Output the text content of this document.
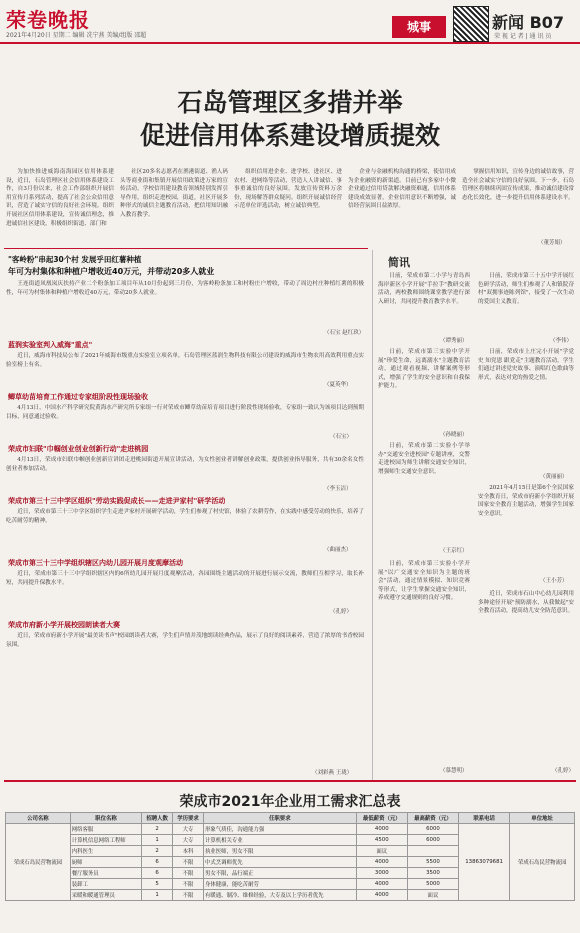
荣卷晚报
2021年4月20日 星期二 编辑 冼宁燕 美编/组版 邵超
城事	新闻 B07
荣 视 记 者 | 通 讯 员
石岛管理区多措并举
促进信用体系建设增质提效

为加快推进威海南海园区信用体系建设，近日，石岛管理区社会信用体系建设工作，自3月份以来，社会工作部组织开展信用宣传月系列活动，提高了社会公众信用意识，营造了诚实守信的良好社会环境。组织开展社区信用体系建设，宣传诚信理念，推进诚信社区建设，积极组织街道、部门和

社区20多名志愿者在渔港街道、渔人码头等商业街和集镇开展信用政策进万家的宣传活动。学校信用建设教育领域特别发挥引导作用，组织走进校园，街道，社区开展多种形式的诚信主题教育活动，把信用知识融入教育教学。

组织信用进企业、进学校、进社区、进农村、进网络等活动，营造人人讲诚信、事事重诚信的良好氛围。发放宣传资料万余份，现场解答群众疑问。组织开展诚信经营示范单位评选活动，树立诚信典型。

企业与金融机构沟通的桥梁，使信用成为企业融资的新渠道。目前已有多家中小微企业通过信用贷款解决融资难题，信用体系建设成效显著，企业信用意识不断增强，诚信经营氛围日益浓厚。

掌握信用知识，宣传身边的诚信故事，营造全社会诚实守信的良好氛围。下一步，石岛管理区将继续巩固宣传成果，推动诚信建设常态化长效化，进一步提升信用体系建设水平。

（董芳娟）
"客岭粉"串起30个村 发展乎田红薯种植
年可为村集体和种植户增收近40万元，并带动20多人就业

王连街道凤凰岚庆扶持产业二个粉条加工项目年从10月份起到三月份，为客岭粉条加工和村粉庄户增收，带动了周边村庄种植红薯的积极性，年可为村集体和种植户增收近40万元，带动20多人就业。

（石宝 赵红玖）
蓝润实验室判入威海"重点"

近日，威海市科技局公布了2021年威海市级重点实验室立项名单，石岛管理区蓝润生物科技有限公司建设的威海市生物农用高效利用重点实验室榜上有名。

（夏英华）
鲫草幼苗培育工作通过专家组阶段性现场验收

4月13日，中国水产科学研究院黄海水产研究所专家组一行对荣成市鲫草幼苗培育项目进行阶段性现场验收，专家组一致认为该项目达到预期目标，同意通过验收。

（石宝）
荣成市妇联"巾帼创业创业创新行动"走进桃园

4月13日，荣成市妇联巾帼创业创新宣讲团走进桃园街道开展宣讲活动，为女性创业者讲解创业政策，提供创业指导服务，共有30余名女性创业者参加活动。

（李玉洁）
荣成市第三十三中学区组织"劳动实践促成长——走进尹家村"研学活动

近日，荣成市第三十三中学区组织学生走进尹家村开展研学活动，学生们参观了村史馆，体验了农耕劳作，在实践中感受劳动的快乐，培养了吃苦耐劳的精神。

（曲丽杰）
荣成市第三十三中学组织辖区内幼儿园开展月度观摩活动

近日，荣成市第三十三中学组织辖区内的6所幼儿园开展月度观摩活动，各园围绕主题活动的开展进行展示交流，教师们互相学习，取长补短，共同提升保教水平。

（孔婷）
荣成市府新小学开展校园朗读者大赛

近日，荣成市府新小学开展"最美读书声"校园朗读者大赛，学生们声情并茂地朗读经典作品，展示了良好的阅读素养，营造了浓厚的书香校园氛围。

（刘彩燕 王珑）
简讯

日前，荣成市第二小学与青岛西海岸新区小学开展"手拉手"教研交流活动，两校教师围绕课堂教学进行深入研讨，共同提升教育教学水平。

（谭秀丽）

日前，荣成市第三实验中学开展"珍爱生命，远离溺水"主题教育活动，通过观看视频、讲解案例等形式，增强了学生的安全意识和自我保护能力。

（孙晓丽）

日前，荣成市第二实验小学举办"交通安全进校园"专题讲座，交警走进校园为师生讲解交通安全知识，增强师生交通安全意识。

（王京红）

日前，荣成市第三实验小学开展"以广交通安全知识为主题的班会"活动，通过情景模拟、知识竞赛等形式，让学生掌握交通安全知识，养成遵守交通规则的良好习惯。

（慕慧明）

日前，荣成市第三十五中学开展红色研学活动，师生们参观了人和镇院夼村"双拥事迹陈列馆"，接受了一次生动的爱国主义教育。

（李伟）

日前，荣成市上庄完小开展"学党史 知党恩 跟党走"主题教育活动，学生们通过讲述党史故事、演唱红色歌曲等形式，表达对党的热爱之情。

（黄丽丽）

2021年4月15日是第6个全民国家安全教育日，荣成市府新小学组织开展国家安全教育主题活动，增强学生国家安全意识。

（王小芳）

近日，荣成市石山中心幼儿园利用多种途径开展"预防溺水，从我做起"安全教育活动，提高幼儿安全防范意识。

（孔婷）
荣成市2021年企业用工需求汇总表
公司名称	职位名称	招聘人数	学历要求	任职要求	最低薪资（元）	最高薪资（元）	联系电话	单位地址
荣成石岛民营物流园	网络客服	2	大专	形象气质佳，沟通能力强	4000	6000	13863079681	荣成石岛民营物流园
	计算机信息网络工程师	1	大专	计算机相关专业	4500	6000		
	内科医生	2	本科	执业医师，男女不限	面议			
	厨师	6	不限	中式烹调师优先	4000	5500		
	餐厅服务员	6	不限	男女不限，品行端正	3000	3500		
	装卸工	5	不限	身体健康，能吃苦耐劳	4000	5000		
	采暖和暖通管理员	1	不限	有暖通、制冷、维修经验，大专及以上学历者优先	4000	面议		
